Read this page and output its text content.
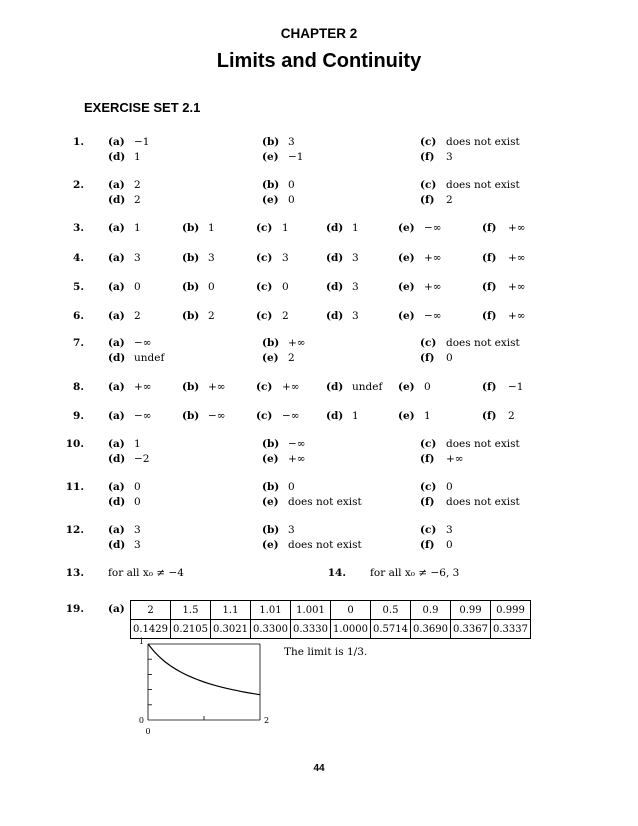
CHAPTER 2
Limits and Continuity
EXERCISE SET 2.1
1. (a) −1	(b) 3	(c) does not exist
(d) 1	(e) −1	(f) 3
2. (a) 2	(b) 0	(c) does not exist
(d) 2	(e) 0	(f) 2
3. (a) 1	(b) 1	(c) 1	(d) 1	(e) −∞	(f) +∞
4. (a) 3	(b) 3	(c) 3	(d) 3	(e) +∞	(f) +∞
5. (a) 0	(b) 0	(c) 0	(d) 3	(e) +∞	(f) +∞
6. (a) 2	(b) 2	(c) 2	(d) 3	(e) −∞	(f) +∞
7. (a) −∞	(b) +∞	(c) does not exist
(d) undef	(e) 2	(f) 0
8. (a) +∞	(b) +∞	(c) +∞	(d) undef (e) 0	(f) −1
9. (a) −∞	(b) −∞	(c) −∞	(d) 1	(e) 1	(f) 2
10. (a) 1	(b) −∞	(c) does not exist
(d) −2	(e) +∞	(f) +∞
11. (a) 0	(b) 0	(c) 0
(d) 0	(e) does not exist	(f) does not exist
12. (a) 3	(b) 3	(c) 3
(d) 3	(e) does not exist	(f) 0
13. for all x₀ ≠ −4	14. for all x₀ ≠ −6, 3
19. (a) 2	1.5	1.1	1.01	1.001	0	0.5	0.9	0.99	0.999
0.1429	0.2105	0.3021	0.3300	0.3330	1.0000	0.5714	0.3690	0.3367	0.3337
1
0
0
2
The limit is 1/3.
44
